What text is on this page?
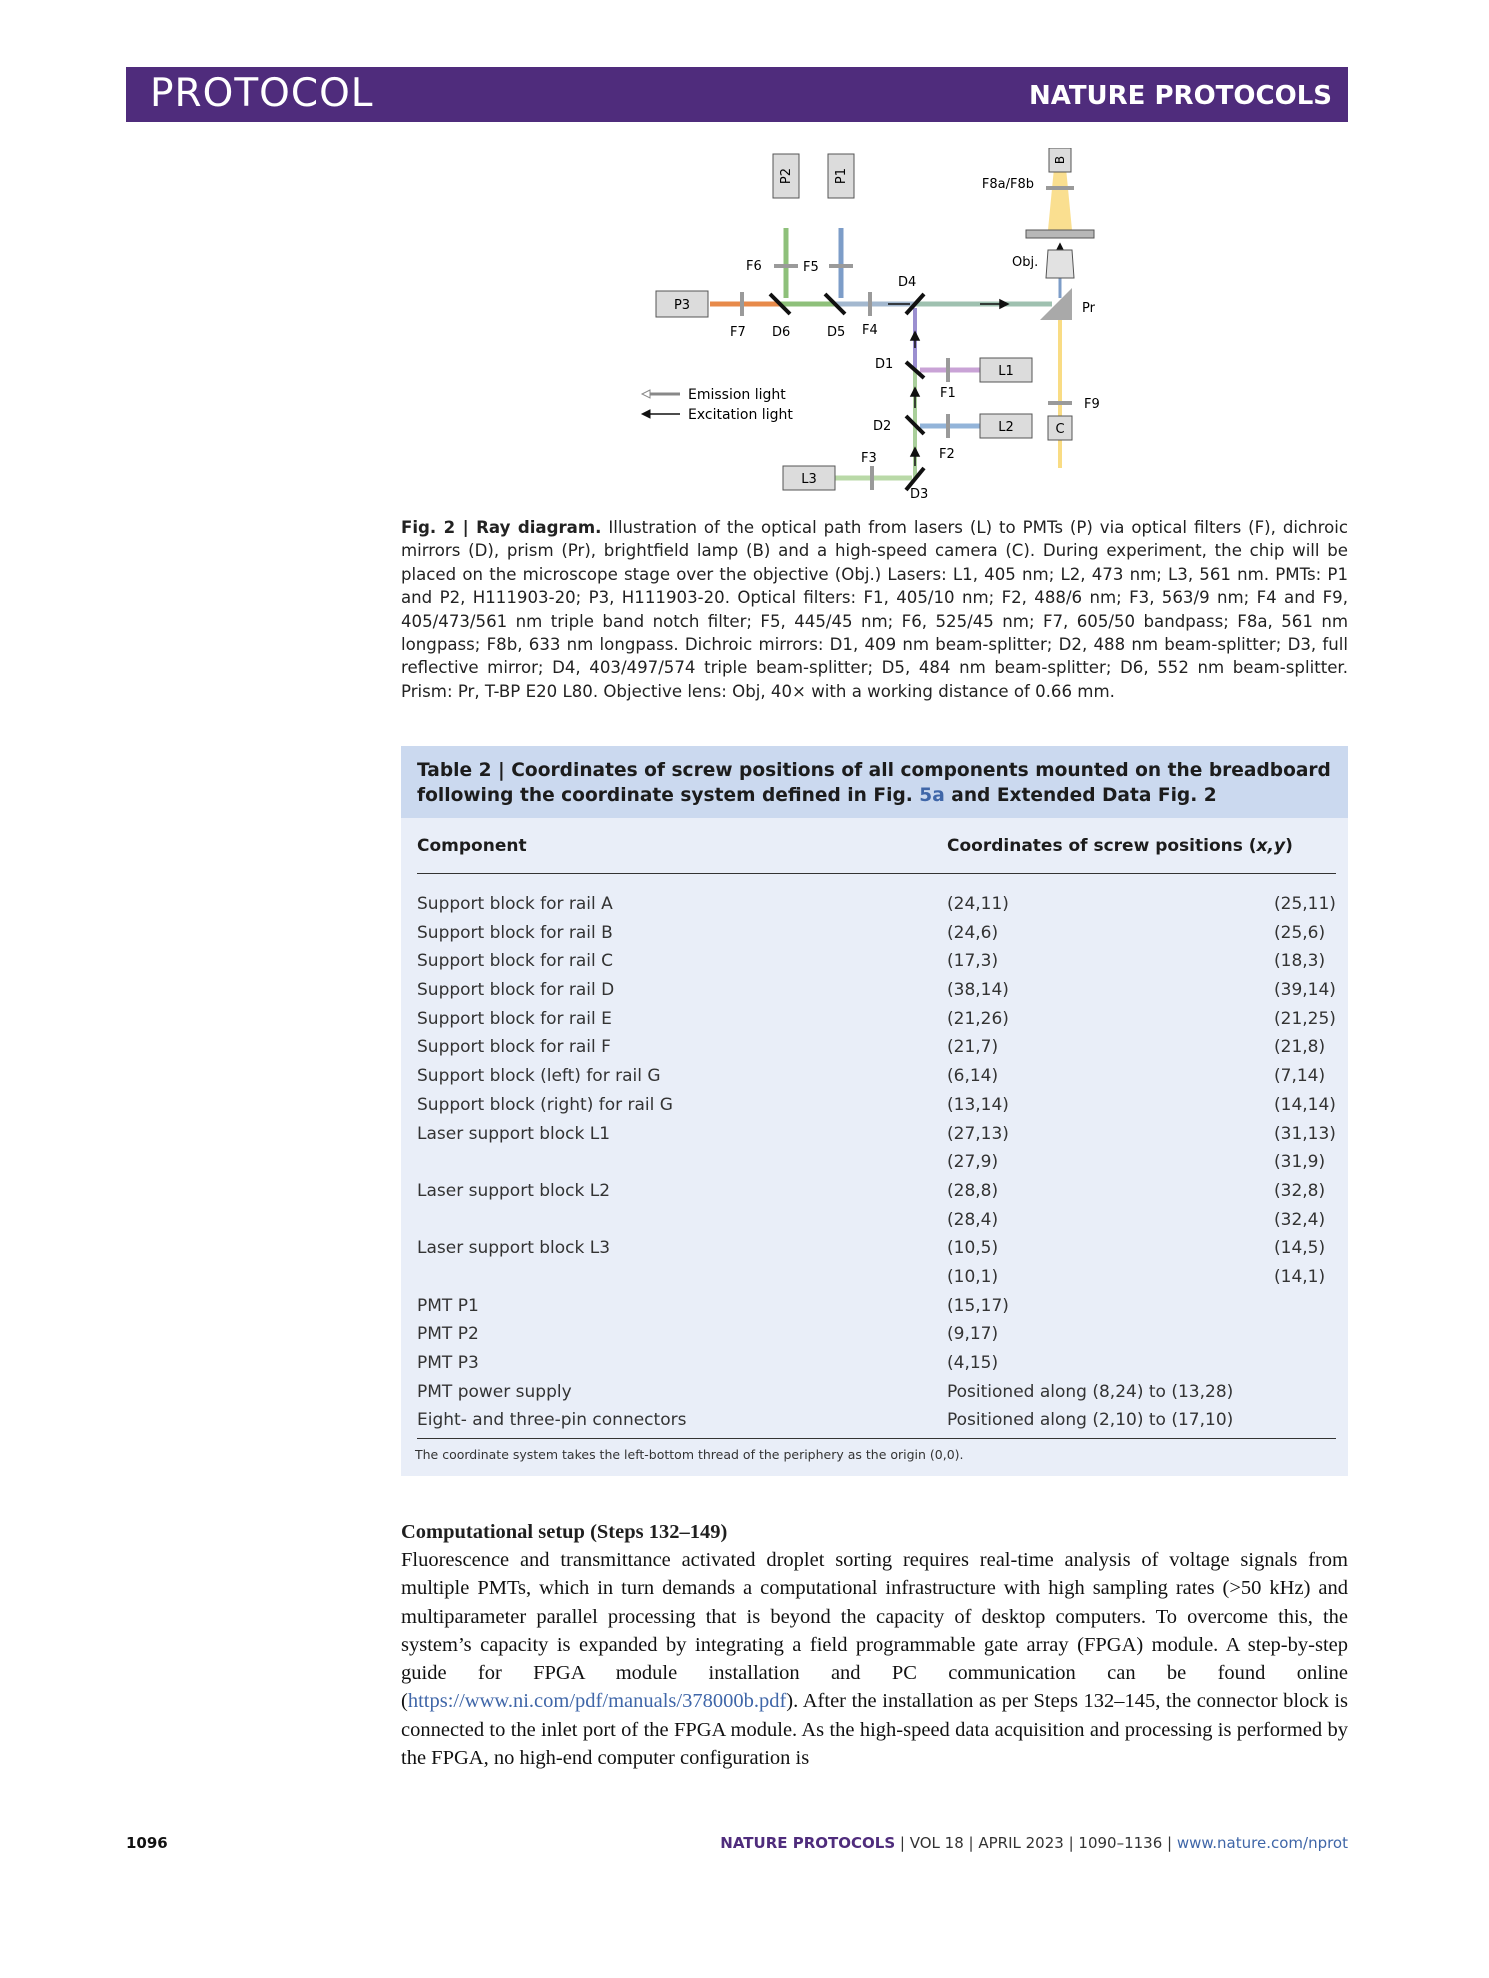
PROTOCOL	NATURE PROTOCOLS
B
F8a/F8b
Obj.
Pr
P2	P1
F6	F5
D4
P3
F7 D6	D5 F4
D1
F1
L1
D2
F2
L2
F9
C
F3
L3
D3
Emission light
Excitation light

Fig. 2 | Ray diagram. Illustration of the optical path from lasers (L) to PMTs (P) via optical filters (F), dichroic mirrors (D), prism (Pr), brightfield lamp (B) and a high-speed camera (C). During experiment, the chip will be placed on the microscope stage over the objective (Obj.) Lasers: L1, 405 nm; L2, 473 nm; L3, 561 nm. PMTs: P1 and P2, H111903-20; P3, H111903-20. Optical filters: F1, 405/10 nm; F2, 488/6 nm; F3, 563/9 nm; F4 and F9, 405/473/561 nm triple band notch filter; F5, 445/45 nm; F6, 525/45 nm; F7, 605/50 bandpass; F8a, 561 nm longpass; F8b, 633 nm longpass. Dichroic mirrors: D1, 409 nm beam-splitter; D2, 488 nm beam-splitter; D3, full reflective mirror; D4, 403/497/574 triple beam-splitter; D5, 484 nm beam-splitter; D6, 552 nm beam-splitter. Prism: Pr, T-BP E20 L80. Objective lens: Obj, 40× with a working distance of 0.66 mm.

Table 2 | Coordinates of screw positions of all components mounted on the breadboard following the coordinate system defined in Fig. 5a and Extended Data Fig. 2
Component	Coordinates of screw positions (x,y)
Support block for rail A	(24,11)	(25,11)
Support block for rail B	(24,6)	(25,6)
Support block for rail C	(17,3)	(18,3)
Support block for rail D	(38,14)	(39,14)
Support block for rail E	(21,26)	(21,25)
Support block for rail F	(21,7)	(21,8)
Support block (left) for rail G	(6,14)	(7,14)
Support block (right) for rail G	(13,14)	(14,14)
Laser support block L1	(27,13)	(31,13)
(27,9)	(31,9)
Laser support block L2	(28,8)	(32,8)
(28,4)	(32,4)
Laser support block L3	(10,5)	(14,5)
(10,1)	(14,1)
PMT P1	(15,17)
PMT P2	(9,17)
PMT P3	(4,15)
PMT power supply	Positioned along (8,24) to (13,28)
Eight- and three-pin connectors	Positioned along (2,10) to (17,10)
The coordinate system takes the left-bottom thread of the periphery as the origin (0,0).

Computational setup (Steps 132–149)

Fluorescence and transmittance activated droplet sorting requires real-time analysis of voltage signals from multiple PMTs, which in turn demands a computational infrastructure with high sampling rates (>50 kHz) and multiparameter parallel processing that is beyond the capacity of desktop computers. To overcome this, the system’s capacity is expanded by integrating a field programmable gate array (FPGA) module. A step-by-step guide for FPGA module installation and PC communication can be found online (https://www.ni.com/pdf/manuals/378000b.pdf). After the installation as per Steps 132–145, the connector block is connected to the inlet port of the FPGA module. As the high-speed data acquisition and processing is performed by the FPGA, no high-end computer configuration is

1096	NATURE PROTOCOLS | VOL 18 | APRIL 2023 | 1090–1136 | www.nature.com/nprot
